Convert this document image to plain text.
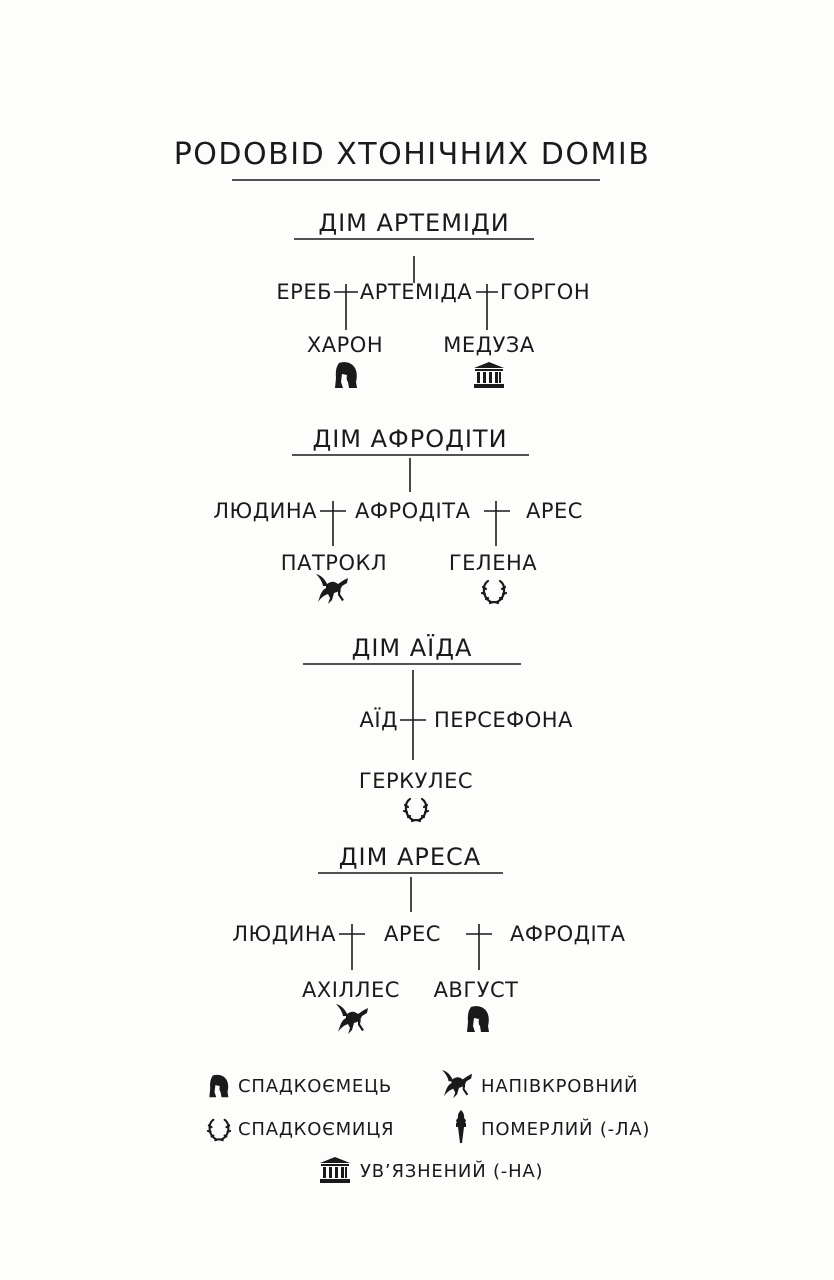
РОDОВІD ХТОНІЧНИХ DОМІВ
ДІМ АРТЕМІДИ
ЕРЕБ АРТЕМІДА ГОРГОН
ХАРОН	МЕДУЗА
ДІМ АФРОДІТИ
ЛЮДИНА АФРОДІТА	АРЕС
ПАТРОКЛ	ГЕЛЕНА
ДІМ АЇДА
АЇД ПЕРСЕФОНА
ГЕРКУЛЕС
ДІМ АРЕСА
ЛЮДИНА АРЕС	АФРОДІТА
АХІЛЛЕС АВГУСТ
СПАДКОЄМЕЦЬ	НАПІВКРОВНИЙ
СПАДКОЄМИЦЯ	ПОМЕРЛИЙ (-ЛА)
УВ’ЯЗНЕНИЙ (-НА)
